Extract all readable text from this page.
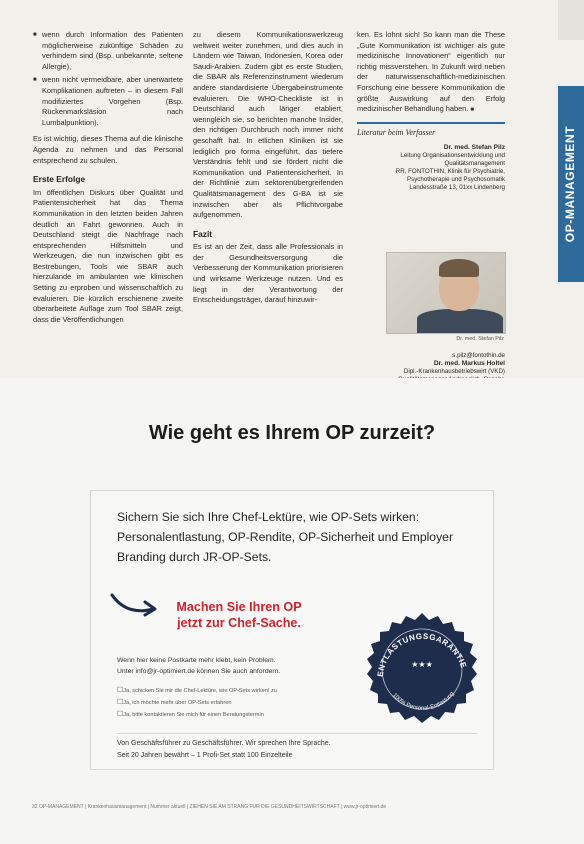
■ wenn durch Information des Patienten möglicherweise zukünftige Schäden zu verhindern sind (Bsp. unbekannte, seltene Allergie),
■ wenn nicht vermeidbare, aber unerwartete Komplikationen auftreten – in diesem Fall modifiziertes Vorgehen (Bsp. Rückenmarksläsion nach Lumbalpunktion).

Es ist wichtig, dieses Thema auf die klinische Agenda zu nehmen und das Personal entsprechend zu schulen.

Erste Erfolge

Im öffentlichen Diskurs über Qualität und Patientensicherheit hat das Thema Kommunikation in den letzten beiden Jahren deutlich an Fahrt gewonnen. Auch in Deutschland steigt die Nachfrage nach entsprechenden Hilfsmitteln und Werkzeugen, die nun inzwischen gibt es Bestrebungen, Tools wie SBAR auch hierzulande im ambulanten wie klinischen Setting zu erproben und wissenschaftlich zu evaluieren. Die kürzlich erschienene zweite überarbeitete Auflage zum Tool SBAR zeigt, dass die Veröffentlichungen

zu diesem Kommunikationswerkzeug weltweit weiter zunehmen, und dies auch in Ländern wie Taiwan, Indonesien, Korea oder Saudi-Arabien. Zudem gibt es erste Studien, die SBAR als Referenzinstrument wiederum andere standardisierte Übergabeinstrumente evaluieren. Die WHO-Checkliste ist in Deutschland auch länger etabliert, wenngleich sie, so berichten manche Insider, den richtigen Durchbruch noch immer nicht geschafft hat. In etlichen Kliniken ist sie lediglich pro forma eingeführt, das tiefere Verständnis fehlt und sie fördert nicht die Kommunikation und Patientensicherheit. In der Richtlinie zum sektorenübergreifenden Qualitätsmanagement des G-BA ist sie inzwischen aber als Pflichtvorgabe aufgenommen.

Fazit

Es ist an der Zeit, dass alle Professionals in der Gesundheitsversorgung die Verbesserung der Kommunikation priorisieren und wirksame Werkzeuge nutzen. Und es liegt in der Verantwortung der Entscheidungsträger, darauf hinzuwir-

ken. Es lohnt sich! So kann man die These „Gute Kommunikation ist wichtiger als gute medizinische Innovationen“ eigentlich nur richtig missverstehen. In Zukunft wird neben der naturwissenschaftlich-medizinischen Forschung eine bessere Kommunikation die größte Auswirkung auf den Erfolg medizinischer Behandlung haben. ■

Literatur beim Verfasser
Dr. med. Stefan Pilz
Leitung Organisationsentwicklung und
Qualitätsmanagement
RR, FONTOTHIN, Klinik für Psychiatrie,
Psychotherapie und Psychosomatik
Landesstraße 13, 01xx Lindenberg
Dr. med. Stefan Pilz
s.pilz@fontothin.de
Dr. med. Markus Holtel
Dipl.-Krankenhausbetriebswirt (VKD)

OP-MANAGEMENT
Wie geht es Ihrem OP zurzeit?
Sichern Sie sich Ihre Chef-Lektüre, wie OP-Sets wirken: Personalentlastung, OP-Rendite, OP-Sicherheit und Employer Branding durch JR-OP-Sets.
Machen Sie Ihren OP
jetzt zur Chef-Sache.
Wenn hier keine Postkarte mehr klebt, kein Problem.
Unter info@jr-optimiert.de können Sie auch anfordern.
☐ Ja, schicken Sie mir die Chef-Lektüre, wie OP-Sets wirken! zu
☐ Ja, ich möchte mehr über OP-Sets erfahren
☐ Ja, bitte kontaktieren Sie mich für einen Beratungstermin
ENTLASTUNGSGARANTIE
100% Personal-Entlastung
★★★
Von Geschäftsführer zu Geschäftsführer. Wir sprechen Ihre Sprache.
Seit 20 Jahren bewährt – 1 Profi-Set statt 100 Einzelteile
32 OP-MANAGEMENT | Krankenhausmanagement | Nummer aktuell | ZIEHEN SIE AM STRANG FÜR DIE GESUNDHEITSWIRTSCHAFT | www.jr-optimiert.de
